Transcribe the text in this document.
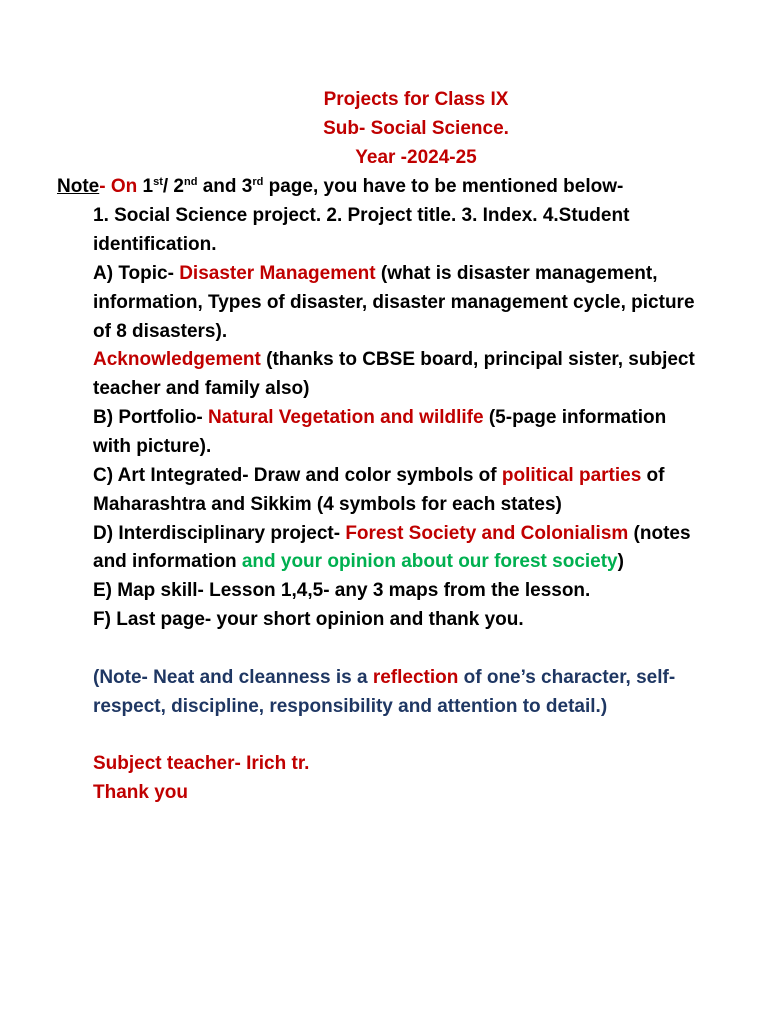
Projects for Class IX
Sub- Social Science.
Year -2024-25
Note- On 1st/ 2nd and 3rd page, you have to be mentioned below-
1. Social Science project. 2. Project title. 3. Index. 4.Student
identification.
A) Topic- Disaster Management (what is disaster management,
information, Types of disaster, disaster management cycle, picture
of 8 disasters).
Acknowledgement (thanks to CBSE board, principal sister, subject
teacher and family also)
B) Portfolio- Natural Vegetation and wildlife (5-page information
with picture).
C) Art Integrated- Draw and color symbols of political parties of
Maharashtra and Sikkim (4 symbols for each states)
D) Interdisciplinary project- Forest Society and Colonialism (notes
and information and your opinion about our forest society)
E) Map skill- Lesson 1,4,5- any 3 maps from the lesson.
F) Last page- your short opinion and thank you.
(Note- Neat and cleanness is a reflection of one’s character, self-
respect, discipline, responsibility and attention to detail.)
Subject teacher- Irich tr.
Thank you
